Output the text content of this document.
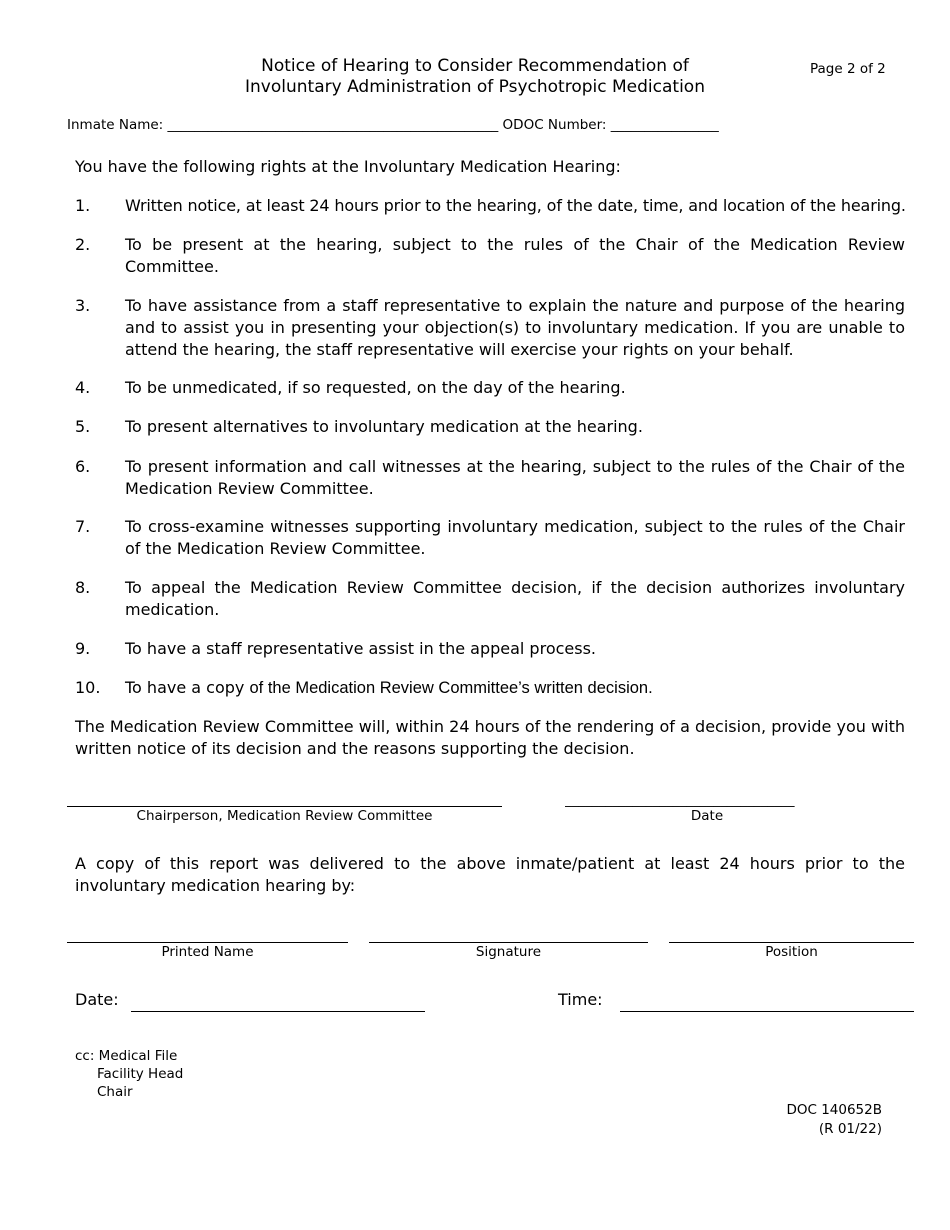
Notice of Hearing to Consider Recommendation of
Involuntary Administration of Psychotropic Medication
Page 2 of 2
Inmate Name: _________________________________________________ ODOC Number: ________________
You have the following rights at the Involuntary Medication Hearing:
1. Written notice, at least 24 hours prior to the hearing, of the date, time, and location of the hearing.
2. To be present at the hearing, subject to the rules of the Chair of the Medication Review Committee.
3. To have assistance from a staff representative to explain the nature and purpose of the hearing and to assist you in presenting your objection(s) to involuntary medication. If you are unable to attend the hearing, the staff representative will exercise your rights on your behalf.
4. To be unmedicated, if so requested, on the day of the hearing.
5. To present alternatives to involuntary medication at the hearing.
6. To present information and call witnesses at the hearing, subject to the rules of the Chair of the Medication Review Committee.
7. To cross-examine witnesses supporting involuntary medication, subject to the rules of the Chair of the Medication Review Committee.
8. To appeal the Medication Review Committee decision, if the decision authorizes involuntary medication.
9. To have a staff representative assist in the appeal process.
10. To have a copy of the Medication Review Committee’s written decision.
The Medication Review Committee will, within 24 hours of the rendering of a decision, provide you with written notice of its decision and the reasons supporting the decision.
Chairperson, Medication Review Committee
__________________________________
Date
A copy of this report was delivered to the above inmate/patient at least 24 hours prior to the involuntary medication hearing by:
Printed Name	Signature	Position
Date:	Time:
cc: Medical File
Facility Head
Chair
DOC 140652B
(R 01/22)
